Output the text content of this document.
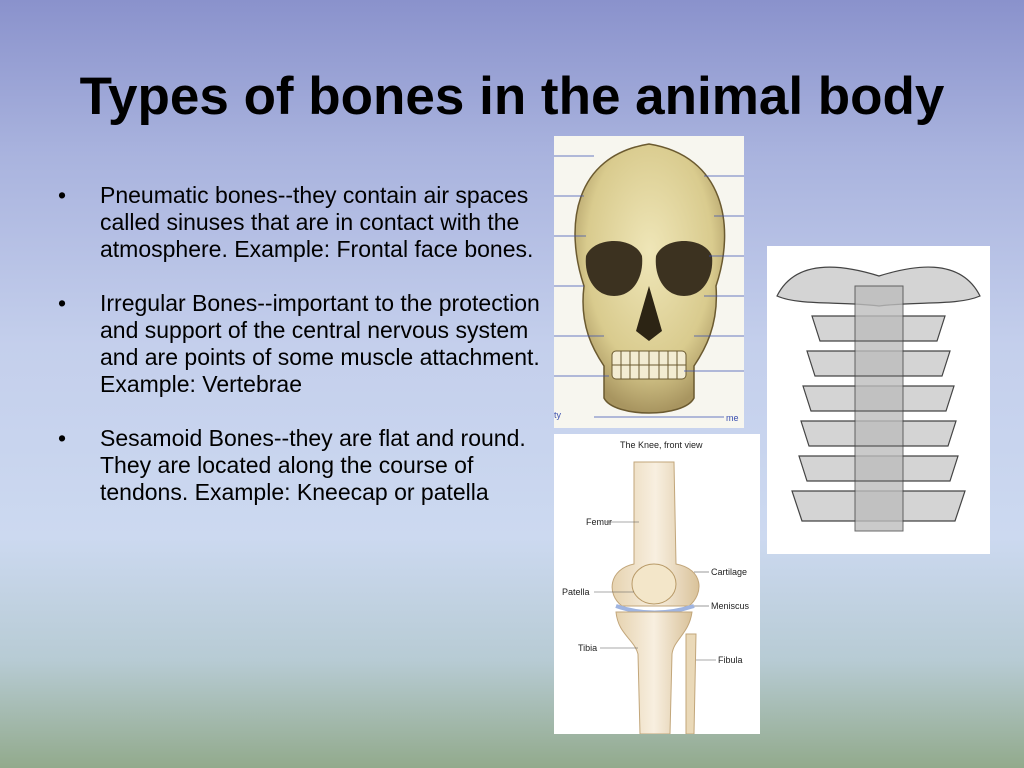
Types of bones in the animal body
• Pneumatic bones--they contain air spaces called sinuses that are in contact with the atmosphere. Example: Frontal face bones.
• Irregular Bones--important to the protection and support of the central nervous system and are points of some muscle attachment. Example: Vertebrae
• Sesamoid Bones--they are flat and round. They are located along the course of tendons. Example: Kneecap or patella
ty	me
The Knee, front view
Femur
Cartilage
Patella
Meniscus
Tibia
Fibula
